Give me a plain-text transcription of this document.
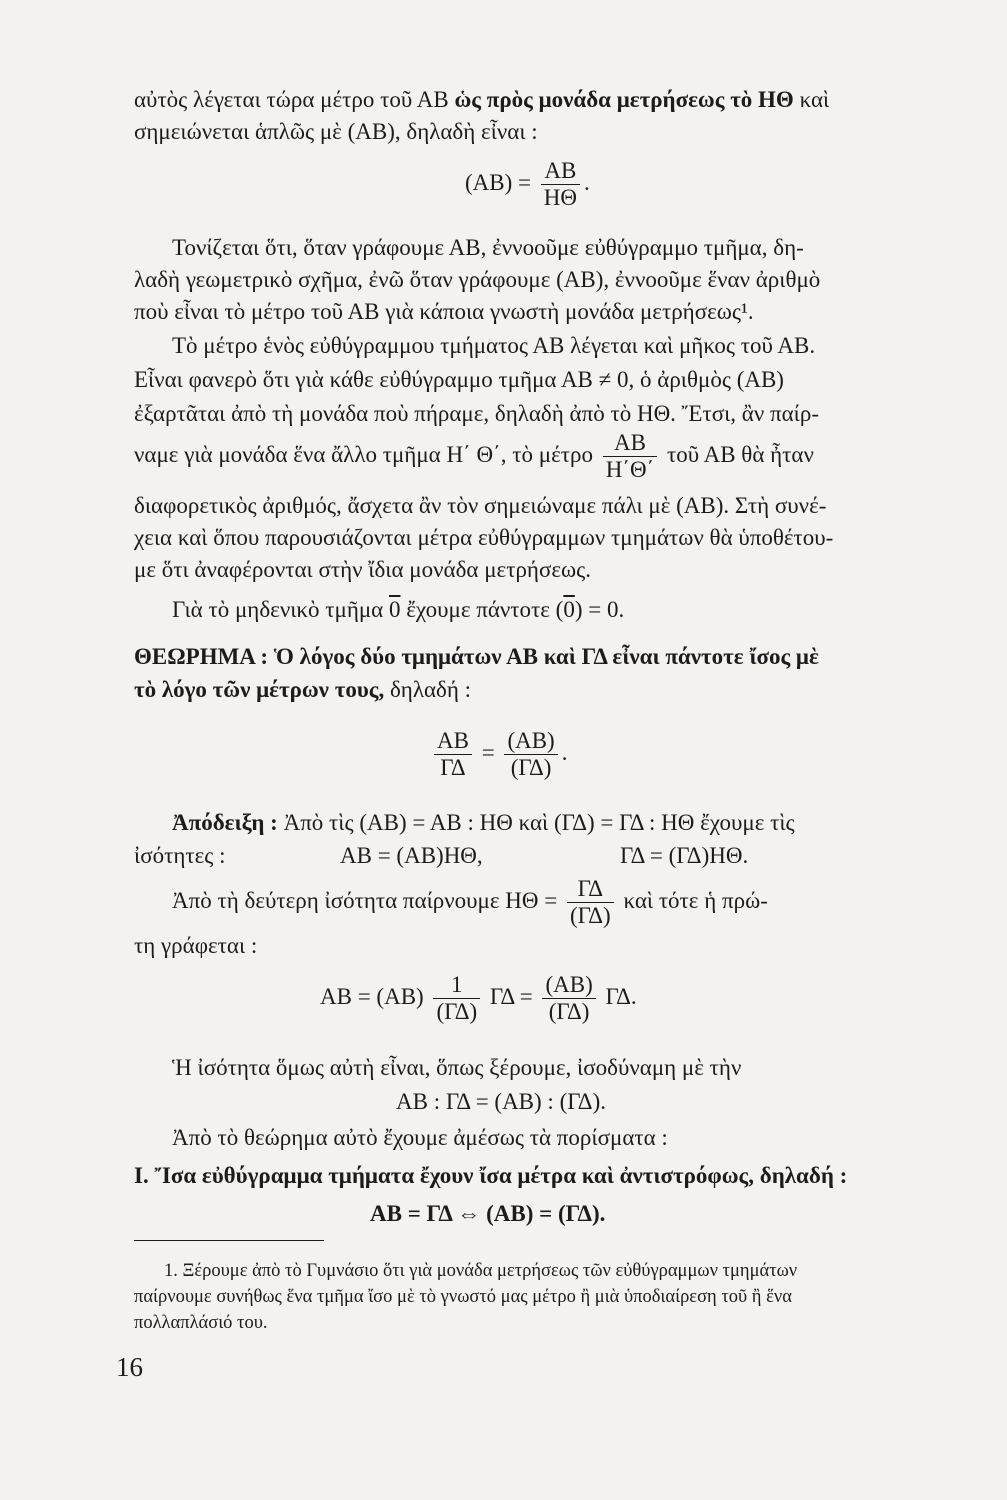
αὐτὸς λέγεται τώρα μέτρο τοῦ ΑΒ ὡς πρὸς μονάδα μετρήσεως τὸ ΗΘ καὶ
σημειώνεται ἁπλῶς μὲ (ΑΒ), δηλαδὴ εἶναι :
$(AB) = \frac{AB}{H\Theta}$ .
Τονίζεται ὅτι, ὅταν γράφουμε ΑΒ, ἐννοοῦμε εὐθύγραμμο τμῆμα, δη-
λαδὴ γεωμετρικὸ σχῆμα, ἐνῶ ὅταν γράφουμε (ΑΒ), ἐννοοῦμε ἕναν ἀριθμὸ
ποὺ εἶναι τὸ μέτρο τοῦ ΑΒ γιὰ κάποια γνωστὴ μονάδα μετρήσεως¹.
Τὸ μέτρο ἑνὸς εὐθύγραμμου τμήματος ΑΒ λέγεται καὶ μῆκος τοῦ ΑΒ.
Εἶναι φανερὸ ὅτι γιὰ κάθε εὐθύγραμμο τμῆμα ΑΒ ≠ 0, ὁ ἀριθμὸς (ΑΒ)
ἐξαρτᾶται ἀπὸ τὴ μονάδα ποὺ πήραμε, δηλαδὴ ἀπὸ τὸ ΗΘ. Ἔτσι, ἂν παίρ-
ναμε γιὰ μονάδα ἕνα ἄλλο τμῆμα Η΄ Θ΄, τὸ μέτρο $\frac{AB}{H΄\Theta΄}$ τοῦ ΑΒ θὰ ἦταν
διαφορετικὸς ἀριθμός, ἄσχετα ἂν τὸν σημειώναμε πάλι μὲ (ΑΒ). Στὴ συνέ-
χεια καὶ ὅπου παρουσιάζονται μέτρα εὐθύγραμμων τμημάτων θὰ ὑποθέτου-
με ὅτι ἀναφέρονται στὴν ἴδια μονάδα μετρήσεως.
Γιὰ τὸ μηδενικὸ τμῆμα 0 ἔχουμε πάντοτε (0) = 0.
ΘΕΩΡΗΜΑ : Ὁ λόγος δύο τμημάτων ΑΒ καὶ ΓΔ εἶναι πάντοτε ἴσος μὲ
τὸ λόγο τῶν μέτρων τους, δηλαδή :
$\frac{AB}{\Gamma\Delta} = \frac{(AB)}{(\Gamma\Delta)}$ .
Ἀπόδειξη : Ἀπὸ τὶς (ΑΒ) = ΑΒ : ΗΘ καὶ (ΓΔ) = ΓΔ : ΗΘ ἔχουμε τὶς
ἰσότητες :	ΑΒ = (ΑΒ)ΗΘ,	ΓΔ = (ΓΔ)ΗΘ.
Ἀπὸ τὴ δεύτερη ἰσότητα παίρνουμε $H\Theta = \frac{\Gamma\Delta}{(\Gamma\Delta)}$ καὶ τότε ἡ πρώ-
τη γράφεται :
$AB = (AB) \frac{1}{(\Gamma\Delta)}$ $\Gamma\Delta = \frac{(AB)}{(\Gamma\Delta)} \Gamma\Delta$.
Ἡ ἰσότητα ὅμως αὐτὴ εἶναι, ὅπως ξέρουμε, ἰσοδύναμη μὲ τὴν
ΑΒ : ΓΔ = (ΑΒ) : (ΓΔ).
Ἀπὸ τὸ θεώρημα αὐτὸ ἔχουμε ἀμέσως τὰ πορίσματα :
Ι. Ἴσα εὐθύγραμμα τμήματα ἔχουν ἴσα μέτρα καὶ ἀντιστρόφως, δηλαδή :
ΑΒ = ΓΔ ⇔ (ΑΒ) = (ΓΔ).
1. Ξέρουμε ἀπὸ τὸ Γυμνάσιο ὅτι γιὰ μονάδα μετρήσεως τῶν εὐθύγραμμων τμημάτων
παίρνουμε συνήθως ἕνα τμῆμα ἴσο μὲ τὸ γνωστό μας μέτρο ἢ μιὰ ὑποδιαίρεση τοῦ ἢ ἕνα
πολλαπλάσιό του.
16
